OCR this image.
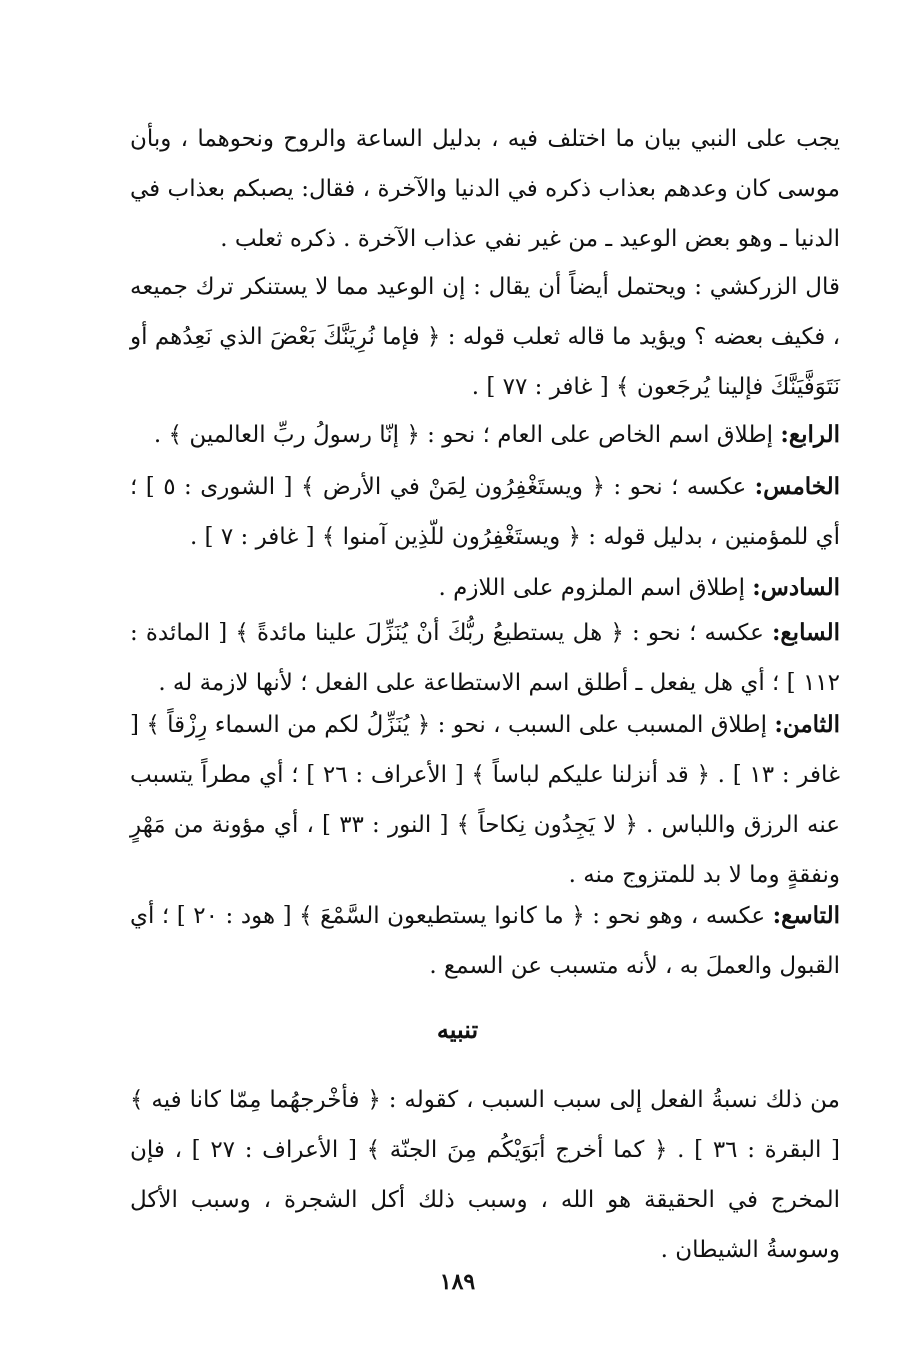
يجب على النبي بيان ما اختلف فيه ، بدليل الساعة والروح ونحوهما ، وبأن موسى كان وعدهم بعذاب ذكره في الدنيا والآخرة ، فقال: يصبكم بعذاب في الدنيا ـ وهو بعض الوعيد ـ من غير نفي عذاب الآخرة . ذكره ثعلب .

قال الزركشي : ويحتمل أيضاً أن يقال : إن الوعيد مما لا يستنكر ترك جميعه ، فكيف بعضه ؟ ويؤيد ما قاله ثعلب قوله : ﴿ فإما نُرِيَنَّكَ بَعْضَ الذي نَعِدُهم أو نَتَوَفَّيَنَّكَ فإلينا يُرجَعون ﴾ [ غافر : ٧٧ ] .

الرابع: إطلاق اسم الخاص على العام ؛ نحو : ﴿ إنّا رسولُ ربِّ العالمين ﴾ .

الخامس: عكسه ؛ نحو : ﴿ ويستَغْفِرُون لِمَنْ في الأرض ﴾ [ الشورى : ٥ ] ؛ أي للمؤمنين ، بدليل قوله : ﴿ ويستَغْفِرُون للّذِين آمنوا ﴾ [ غافر : ٧ ] .

السادس: إطلاق اسم الملزوم على اللازم .

السابع: عكسه ؛ نحو : ﴿ هل يستطيعُ ربُّكَ أنْ يُنَزِّلَ علينا مائدةً ﴾ [ المائدة : ١١٢ ] ؛ أي هل يفعل ـ أطلق اسم الاستطاعة على الفعل ؛ لأنها لازمة له .

الثامن: إطلاق المسبب على السبب ، نحو : ﴿ يُنَزِّلُ لكم من السماء رِزْقاً ﴾ [ غافر : ١٣ ] . ﴿ قد أنزلنا عليكم لباساً ﴾ [ الأعراف : ٢٦ ] ؛ أي مطراً يتسبب عنه الرزق واللباس . ﴿ لا يَجِدُون نِكاحاً ﴾ [ النور : ٣٣ ] ، أي مؤونة من مَهْرٍ ونفقةٍ وما لا بد للمتزوج منه .

التاسع: عكسه ، وهو نحو : ﴿ ما كانوا يستطيعون السَّمْعَ ﴾ [ هود : ٢٠ ] ؛ أي القبول والعملَ به ، لأنه متسبب عن السمع .

تنبيه

من ذلك نسبةُ الفعل إلى سبب السبب ، كقوله : ﴿ فأخْرجهُما مِمّا كانا فيه ﴾ [ البقرة : ٣٦ ] . ﴿ كما أخرج أبَوَيْكُم مِنَ الجنّة ﴾ [ الأعراف : ٢٧ ] ، فإن المخرج في الحقيقة هو الله ، وسبب ذلك أكل الشجرة ، وسبب الأكل وسوسةُ الشيطان .

١٨٩
